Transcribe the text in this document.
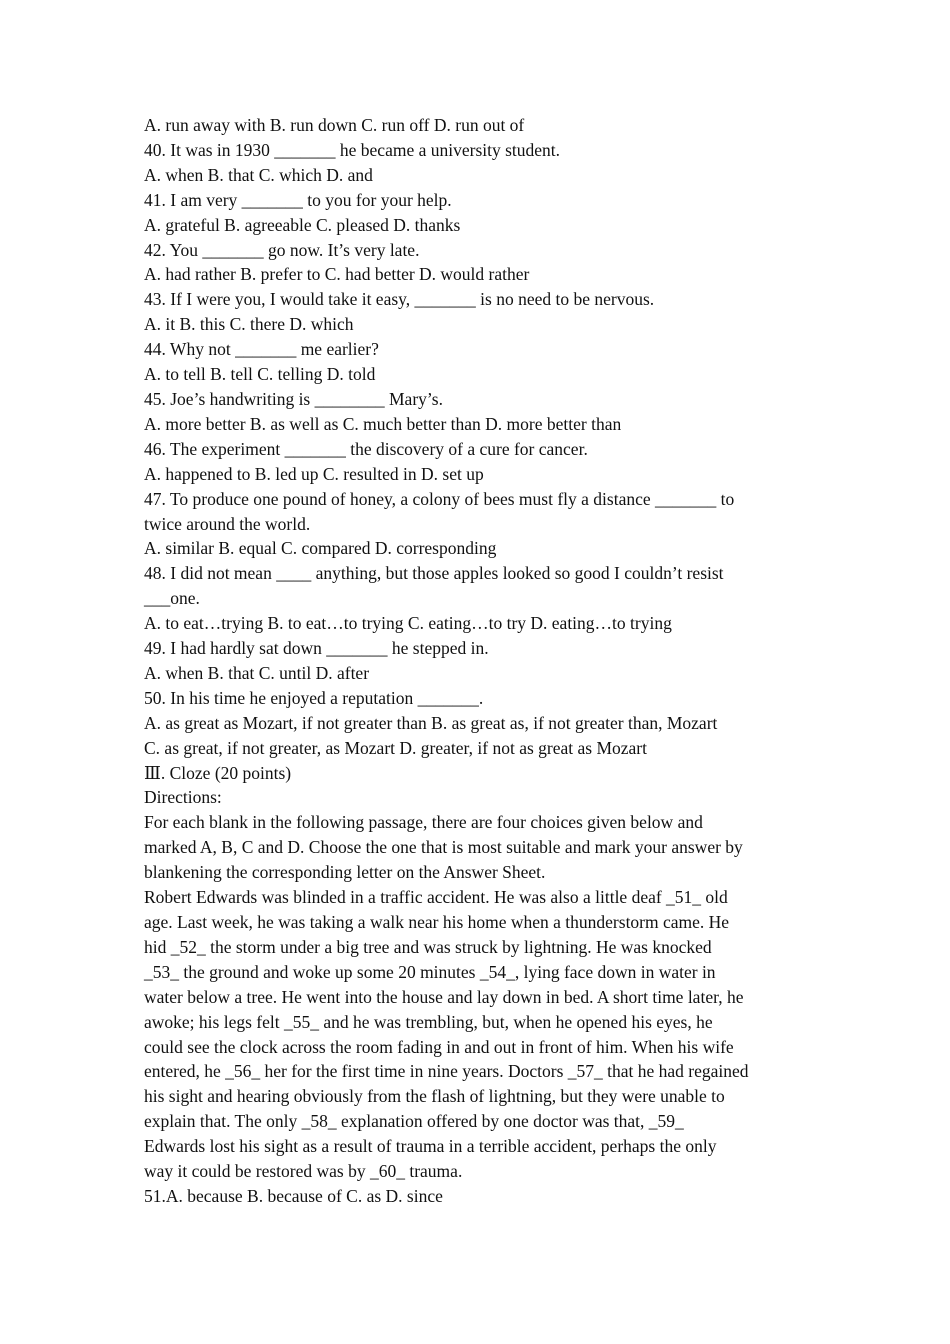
A. run away with B. run down C. run off D. run out of
40. It was in 1930 _______ he became a university student.
A. when B. that C. which D. and
41. I am very _______ to you for your help.
A. grateful B. agreeable C. pleased D. thanks
42. You _______ go now. It’s very late.
A. had rather B. prefer to C. had better D. would rather
43. If I were you, I would take it easy, _______ is no need to be nervous.
A. it B. this C. there D. which
44. Why not _______ me earlier?
A. to tell B. tell C. telling D. told
45. Joe’s handwriting is ________ Mary’s.
A. more better B. as well as C. much better than D. more better than
46. The experiment _______ the discovery of a cure for cancer.
A. happened to B. led up C. resulted in D. set up
47. To produce one pound of honey, a colony of bees must fly a distance _______ to
twice around the world.
A. similar B. equal C. compared D. corresponding
48. I did not mean ____ anything, but those apples looked so good I couldn’t resist
___one.
A. to eat…trying B. to eat…to trying C. eating…to try D. eating…to trying
49. I had hardly sat down _______ he stepped in.
A. when B. that C. until D. after
50. In his time he enjoyed a reputation _______.
A. as great as Mozart, if not greater than B. as great as, if not greater than, Mozart
C. as great, if not greater, as Mozart D. greater, if not as great as Mozart
Ⅲ. Cloze (20 points)
Directions:
For each blank in the following passage, there are four choices given below and
marked A, B, C and D. Choose the one that is most suitable and mark your answer by
blankening the corresponding letter on the Answer Sheet.
Robert Edwards was blinded in a traffic accident. He was also a little deaf _51_ old
age. Last week, he was taking a walk near his home when a thunderstorm came. He
hid _52_ the storm under a big tree and was struck by lightning. He was knocked
_53_ the ground and woke up some 20 minutes _54_, lying face down in water in
water below a tree. He went into the house and lay down in bed. A short time later, he
awoke; his legs felt _55_ and he was trembling, but, when he opened his eyes, he
could see the clock across the room fading in and out in front of him. When his wife
entered, he _56_ her for the first time in nine years. Doctors _57_ that he had regained
his sight and hearing obviously from the flash of lightning, but they were unable to
explain that. The only _58_ explanation offered by one doctor was that, _59_
Edwards lost his sight as a result of trauma in a terrible accident, perhaps the only
way it could be restored was by _60_ trauma.
51.A. because B. because of C. as D. since
